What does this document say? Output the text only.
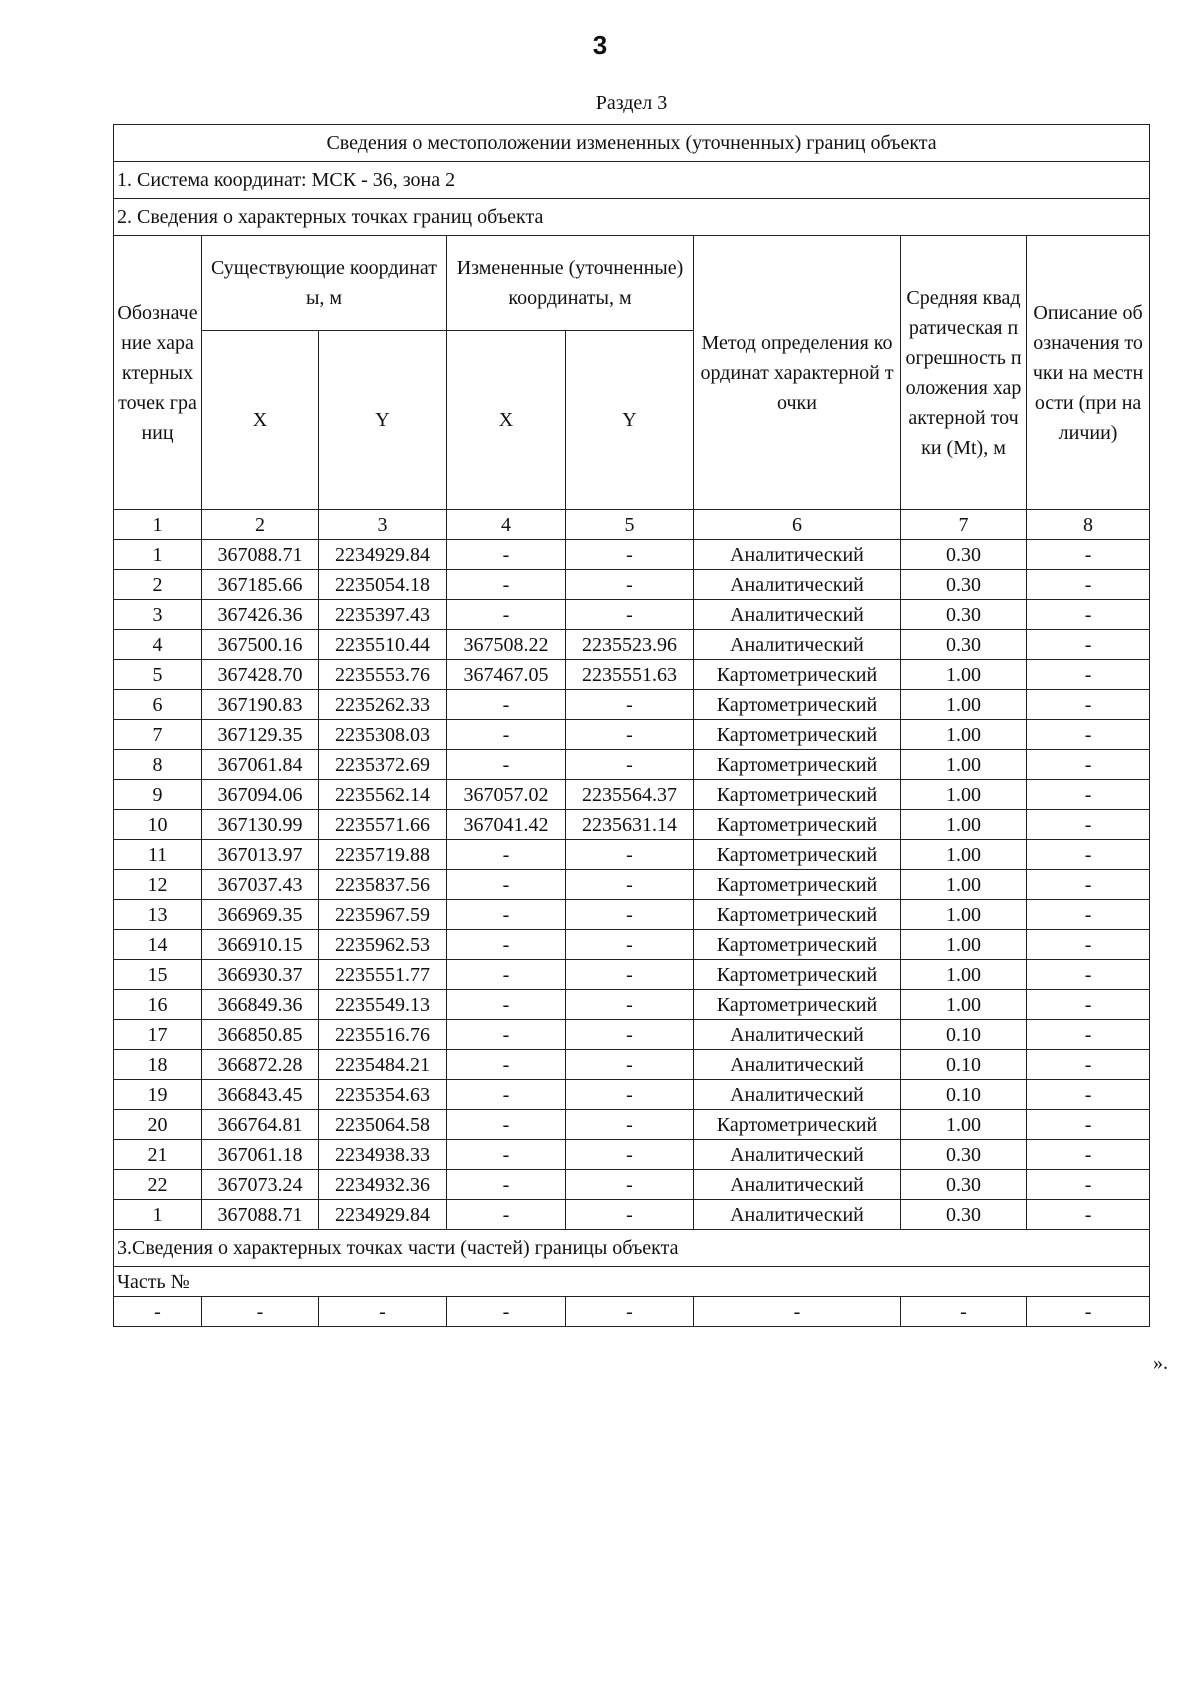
3
Раздел 3
Сведения о местоположении измененных (уточненных) границ объекта							
1. Система координат: МСК - 36, зона 2							
2. Сведения о характерных точках границ объекта							
Обозначение характерных точек границ	Существующие координаты, м		Измененные (уточненные) координаты, м		Метод определения координат характерной точки	Средняя квадратическая погрешность положения характерной точки (Mt), м	Описание обозначения точки на местности (при наличии)
	X	Y	X	Y			
1	2	3	4	5	6	7	8
1	367088.71	2234929.84	-	-	Аналитический	0.30	-
2	367185.66	2235054.18	-	-	Аналитический	0.30	-
3	367426.36	2235397.43	-	-	Аналитический	0.30	-
4	367500.16	2235510.44	367508.22	2235523.96	Аналитический	0.30	-
5	367428.70	2235553.76	367467.05	2235551.63	Картометрический	1.00	-
6	367190.83	2235262.33	-	-	Картометрический	1.00	-
7	367129.35	2235308.03	-	-	Картометрический	1.00	-
8	367061.84	2235372.69	-	-	Картометрический	1.00	-
9	367094.06	2235562.14	367057.02	2235564.37	Картометрический	1.00	-
10	367130.99	2235571.66	367041.42	2235631.14	Картометрический	1.00	-
11	367013.97	2235719.88	-	-	Картометрический	1.00	-
12	367037.43	2235837.56	-	-	Картометрический	1.00	-
13	366969.35	2235967.59	-	-	Картометрический	1.00	-
14	366910.15	2235962.53	-	-	Картометрический	1.00	-
15	366930.37	2235551.77	-	-	Картометрический	1.00	-
16	366849.36	2235549.13	-	-	Картометрический	1.00	-
17	366850.85	2235516.76	-	-	Аналитический	0.10	-
18	366872.28	2235484.21	-	-	Аналитический	0.10	-
19	366843.45	2235354.63	-	-	Аналитический	0.10	-
20	366764.81	2235064.58	-	-	Картометрический	1.00	-
21	367061.18	2234938.33	-	-	Аналитический	0.30	-
22	367073.24	2234932.36	-	-	Аналитический	0.30	-
1	367088.71	2234929.84	-	-	Аналитический	0.30	-
3.Сведения о характерных точках части (частей) границы объекта							
Часть №							
-	-	-	-	-	-	-	-
».
